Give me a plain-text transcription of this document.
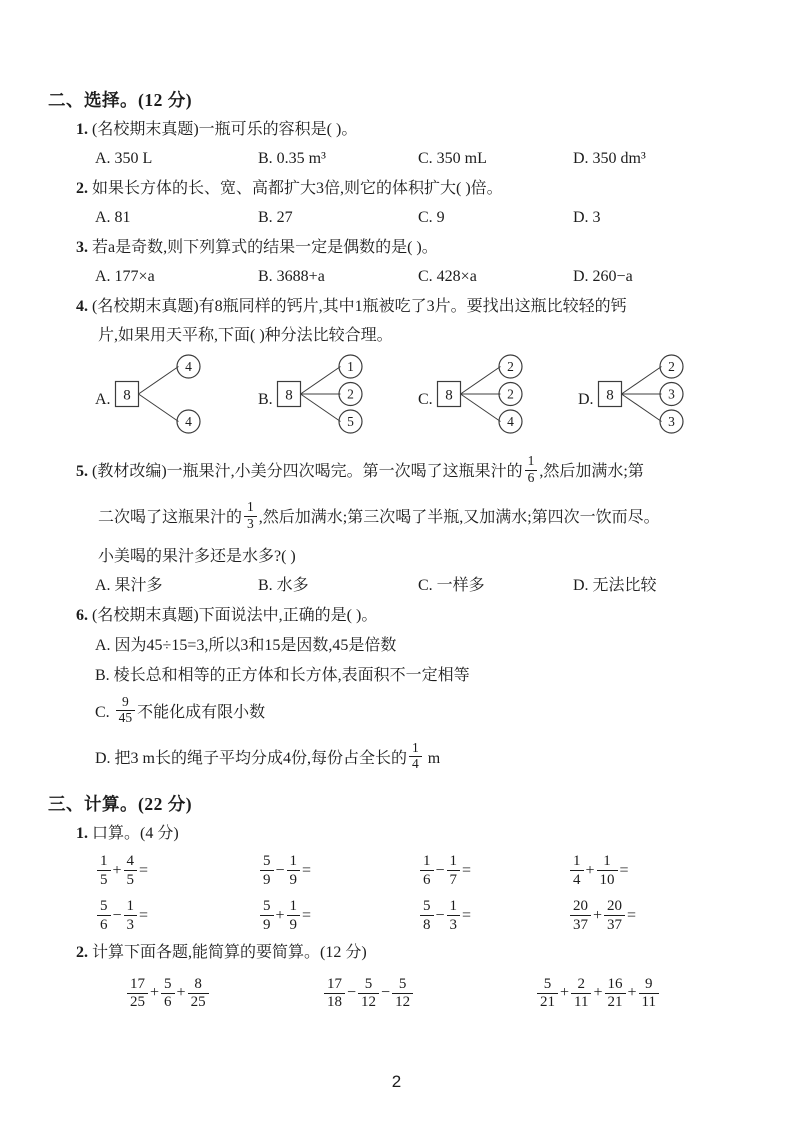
二、选择。(12 分)
1. (名校期末真题)一瓶可乐的容积是( )。
A. 350 L	B. 0.35 m³	C. 350 mL	D. 350 dm³
2. 如果长方体的长、宽、高都扩大3倍,则它的体积扩大( )倍。
A. 81	B. 27	C. 9	D. 3
3. 若a是奇数,则下列算式的结果一定是偶数的是( )。
A. 177×a	B. 3688+a	C. 428×a	D. 260−a
4. (名校期末真题)有8瓶同样的钙片,其中1瓶被吃了3片。要找出这瓶比较轻的钙
片,如果用天平称,下面( )种分法比较合理。
A. 8
4
4
B. 8
1
2
5
C. 8
2
2
4
D. 8
2
3
3
5. (教材改编)一瓶果汁,小美分四次喝完。第一次喝了这瓶果汁的 $\frac{1}{6}$ ,然后加满水;第
二次喝了这瓶果汁的 $\frac{1}{3}$ ,然后加满水;第三次喝了半瓶,又加满水;第四次一饮而尽。
小美喝的果汁多还是水多?( )
A. 果汁多	B. 水多	C. 一样多	D. 无法比较
6. (名校期末真题)下面说法中,正确的是( )。
A. 因为45÷15=3,所以3和15是因数,45是倍数
B. 棱长总和相等的正方体和长方体,表面积不一定相等
C. $\frac{9}{45}$ 不能化成有限小数
D. 把3 m长的绳子平均分成4份,每份占全长的 $\frac{1}{4}$ m
三、计算。(22 分)
1. 口算。(4 分)
$\frac{1}{5} + \frac{4}{5}$ =	$\frac{5}{9} - \frac{1}{9}$ =	$\frac{1}{6} - \frac{1}{7}$ =	$\frac{1}{4} + \frac{1}{10}$ =
$\frac{5}{6} - \frac{1}{3}$ =	$\frac{5}{9} + \frac{1}{9}$ =	$\frac{5}{8} - \frac{1}{3}$ =	$\frac{20}{37} + \frac{20}{37}$ =
2. 计算下面各题,能简算的要简算。(12 分)
$\frac{17}{25} + \frac{5}{6} + \frac{8}{25}$	$\frac{17}{18} - \frac{5}{12} - \frac{5}{12}$	$\frac{5}{21} + \frac{2}{11} + \frac{16}{21} + \frac{9}{11}$
2
